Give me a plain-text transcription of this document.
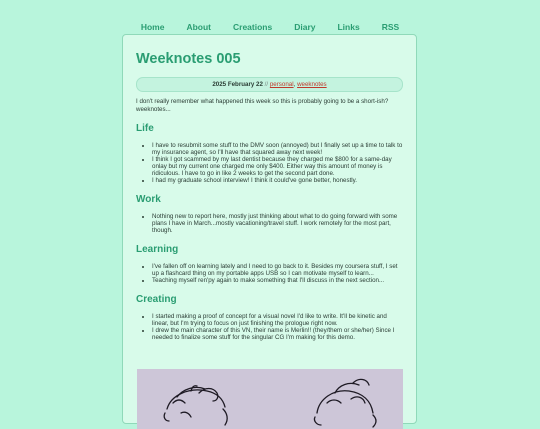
Home	About	Creations	Diary	Links	RSS
Weeknotes 005
2025 February 22 // personal, weeknotes

I don't really remember what happened this week so this is probably going to be a short-ish? weeknotes...

Life
• I have to resubmit some stuff to the DMV soon (annoyed) but I finally set up a time to talk to my insurance agent, so I'll have that squared away next week!
• I think I got scammed by my last dentist because they charged me $800 for a same-day onlay but my current one charged me only $400. Either way this amount of money is ridiculous. I have to go in like 2 weeks to get the second part done.
• I had my graduate school interview! I think it could've gone better, honestly.
Work
• Nothing new to report here, mostly just thinking about what to do going forward with some plans I have in March...mostly vacationing/travel stuff. I work remotely for the most part, though.
Learning
• I've fallen off on learning lately and I need to go back to it. Besides my coursera stuff, I set up a flashcard thing on my portable apps USB so I can motivate myself to learn...
• Teaching myself ren'py again to make something that I'll discuss in the next section...
Creating
• I started making a proof of concept for a visual novel I'd like to write. It'll be kinetic and linear, but I'm trying to focus on just finishing the prologue right now.
• I drew the main character of this VN, their name is Merlin!! (they/them or she/her) Since I needed to finalize some stuff for the singular CG I'm making for this demo.
